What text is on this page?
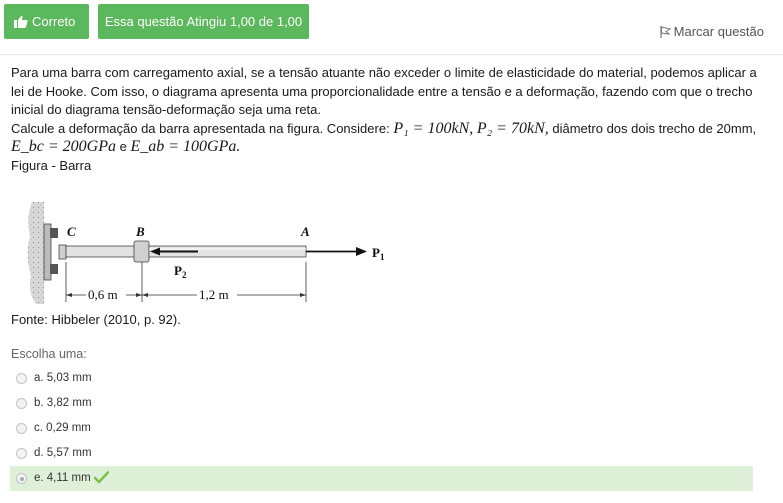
Correto	Essa questão Atingiu 1,00 de 1,00
Marcar questão

Para uma barra com carregamento axial, se a tensão atuante não exceder o limite de elasticidade do material, podemos aplicar a lei de Hooke. Com isso, o diagrama apresenta uma proporcionalidade entre a tensão e a deformação, fazendo com que o trecho inicial do diagrama tensão-deformação seja uma reta.

Calcule a deformação da barra apresentada na figura. Considere: P₁ = 100kN, P₂ = 70kN, diâmetro dos dois trecho de 20mm,
E_bc = 200GPa e E_ab = 100GPa.

Figura - Barra

C	B	A
$P_1$
$P_2$
0,6 m	1,2 m
Fonte: Hibbeler (2010, p. 92).
Escolha uma:
a. 5,03 mm
b. 3,82 mm
c. 0,29 mm
d. 5,57 mm
e. 4,11 mm
